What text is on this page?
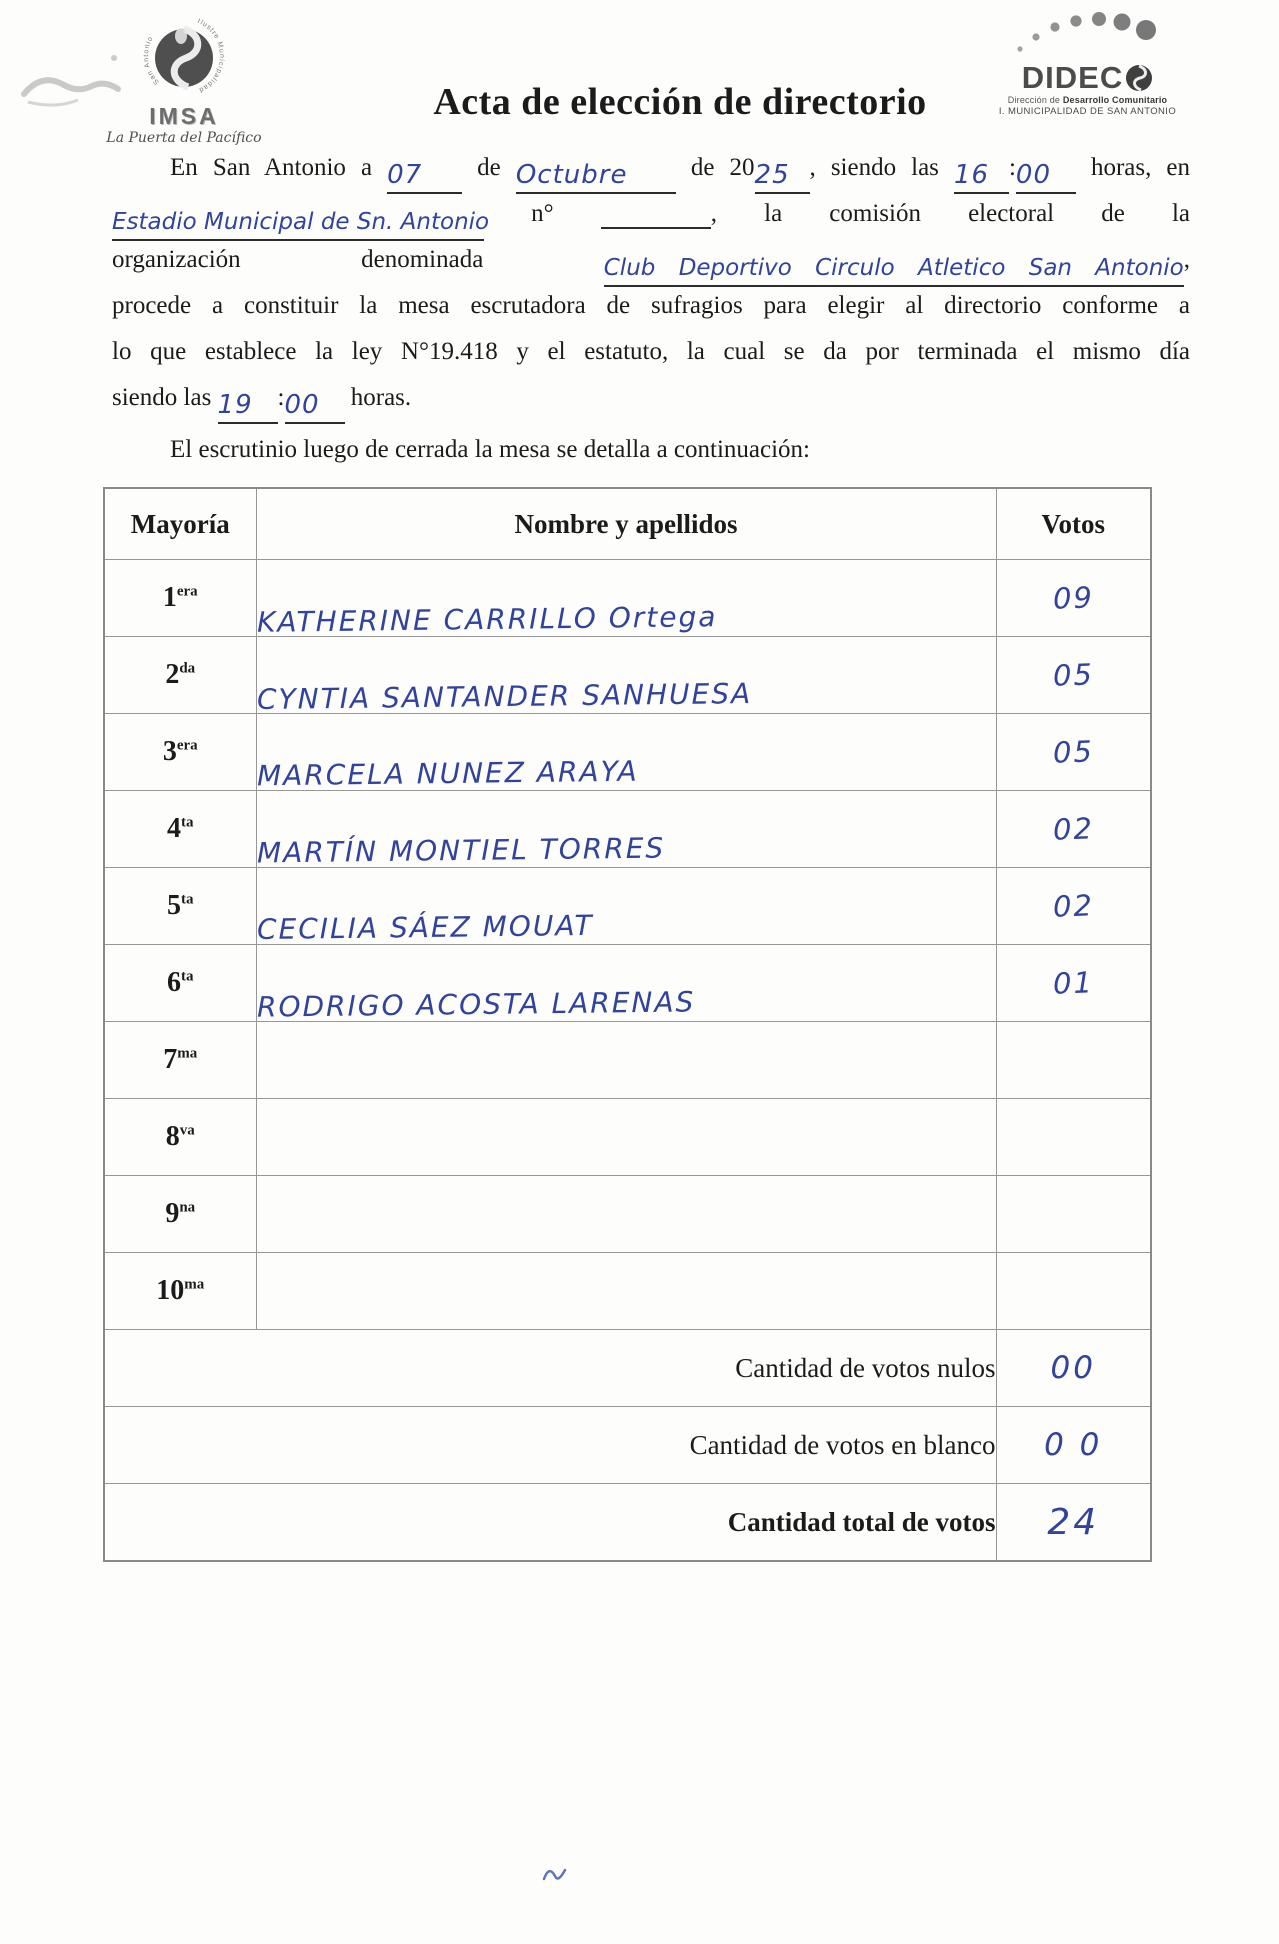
Ilustre Municipalidad San Antonio
IMSA
La Puerta del Pacífico
DIDEC
Dirección de Desarrollo Comunitario
I. MUNICIPALIDAD DE SAN ANTONIO
Acta de elección de directorio
En San Antonio a 07 de Octubre	de 2025 , siendo las 16 :00 horas, en
Estadio Municipal de Sn. Antonio n°	, la comisión electoral de la
organización	denominada	Club Deportivo Circulo Atletico San Antonio,
procede a constituir la mesa escrutadora de sufragios para elegir al directorio conforme a
lo que establece la ley N°19.418 y el estatuto, la cual se da por terminada el mismo día
siendo las 19 :00 horas.
El escrutinio luego de cerrada la mesa se detalla a continuación:
Mayoría	Nombre y apellidos	Votos
$1^{era}$	KATHERINE CARRILLO Ortega	09
$2^{da}$	CYNTIA SANTANDER SANHUESA	05
$3^{era}$	MARCELA NUNEZ ARAYA	05
$4^{ta}$	MARTÍN MONTIEL TORRES	02
$5^{ta}$	CECILIA SÁEZ MOUAT	02
$6^{ta}$	RODRIGO ACOSTA LARENAS	01
$7^{ma}$		
$8^{va}$		
$9^{na}$		
$10^{ma}$		
Cantidad de votos nulos		00
Cantidad de votos en blanco		0 0
Cantidad total de votos		24
